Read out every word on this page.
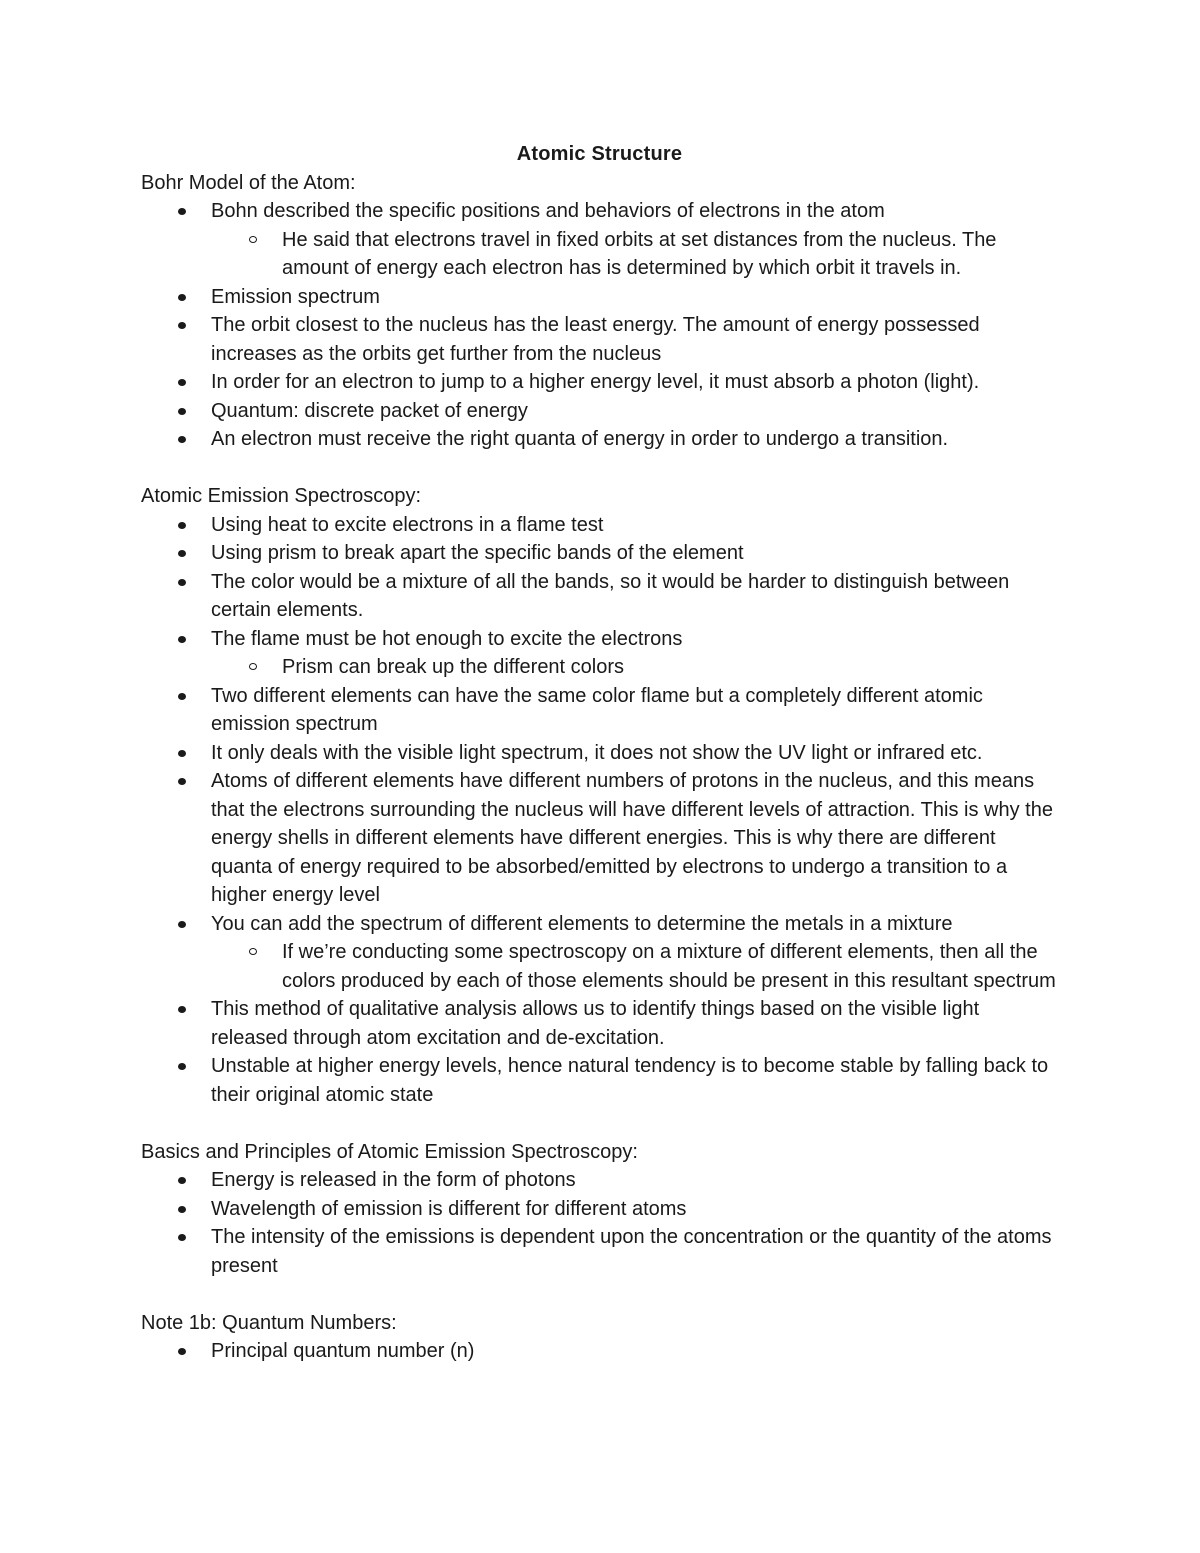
Atomic Structure
Bohr Model of the Atom:
Bohn described the specific positions and behaviors of electrons in the atom
He said that electrons travel in fixed orbits at set distances from the nucleus. The amount of energy each electron has is determined by which orbit it travels in.
Emission spectrum
The orbit closest to the nucleus has the least energy. The amount of energy possessed increases as the orbits get further from the nucleus
In order for an electron to jump to a higher energy level, it must absorb a photon (light).
Quantum: discrete packet of energy
An electron must receive the right quanta of energy in order to undergo a transition.
Atomic Emission Spectroscopy:
Using heat to excite electrons in a flame test
Using prism to break apart the specific bands of the element
The color would be a mixture of all the bands, so it would be harder to distinguish between certain elements.
The flame must be hot enough to excite the electrons
Prism can break up the different colors
Two different elements can have the same color flame but a completely different atomic emission spectrum
It only deals with the visible light spectrum, it does not show the UV light or infrared etc.
Atoms of different elements have different numbers of protons in the nucleus, and this means that the electrons surrounding the nucleus will have different levels of attraction. This is why the energy shells in different elements have different energies. This is why there are different quanta of energy required to be absorbed/emitted by electrons to undergo a transition to a higher energy level
You can add the spectrum of different elements to determine the metals in a mixture
If we’re conducting some spectroscopy on a mixture of different elements, then all the colors produced by each of those elements should be present in this resultant spectrum
This method of qualitative analysis allows us to identify things based on the visible light released through atom excitation and de-excitation.
Unstable at higher energy levels, hence natural tendency is to become stable by falling back to their original atomic state
Basics and Principles of Atomic Emission Spectroscopy:
Energy is released in the form of photons
Wavelength of emission is different for different atoms
The intensity of the emissions is dependent upon the concentration or the quantity of the atoms present
Note 1b: Quantum Numbers:
Principal quantum number (n)
